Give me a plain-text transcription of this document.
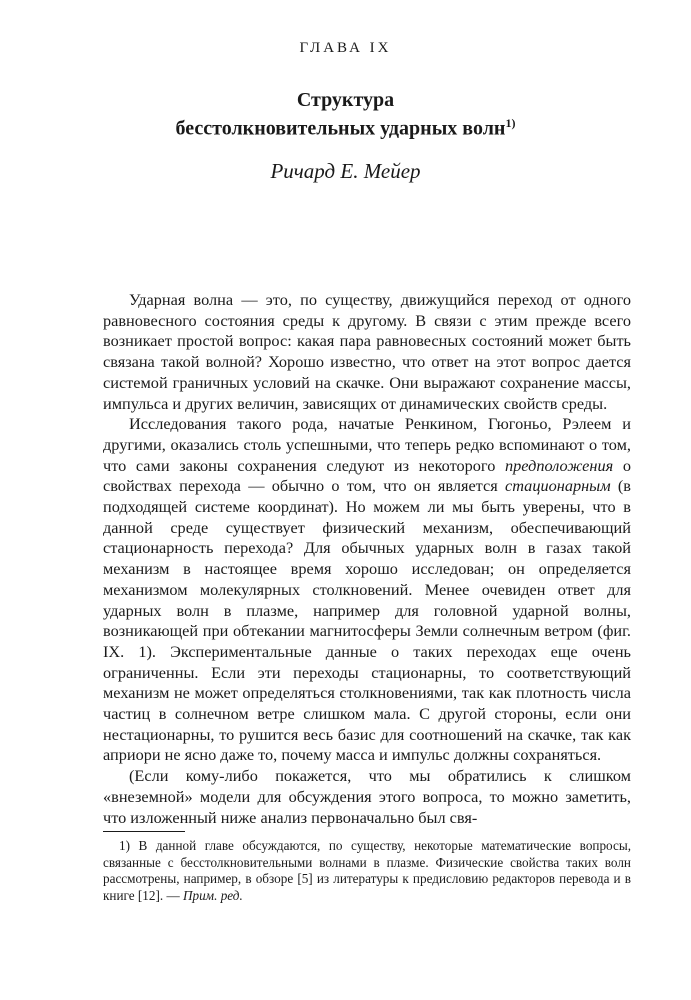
ГЛАВА IX
Структура
бесстолкновительных ударных волн$^{1)}$
Ричард Е. Мейер

Ударная волна — это, по существу, движущийся переход от одного равновесного состояния среды к другому. В связи с этим прежде всего возникает простой вопрос: какая пара равновесных состояний может быть связана такой волной? Хорошо известно, что ответ на этот вопрос дается системой граничных условий на скачке. Они выражают сохранение массы, импульса и других величин, зависящих от динамических свойств среды.

Исследования такого рода, начатые Ренкином, Гюгоньо, Рэлеем и другими, оказались столь успешными, что теперь редко вспоминают о том, что сами законы сохранения следуют из некоторого предположения о свойствах перехода — обычно о том, что он является стационарным (в подходящей системе координат). Но можем ли мы быть уверены, что в данной среде существует физический механизм, обеспечивающий стационарность перехода? Для обычных ударных волн в газах такой механизм в настоящее время хорошо исследован; он определяется механизмом молекулярных столкновений. Менее очевиден ответ для ударных волн в плазме, например для головной ударной волны, возникающей при обтекании магнитосферы Земли солнечным ветром (фиг. IX. 1). Экспериментальные данные о таких переходах еще очень ограниченны. Если эти переходы стационарны, то соответствующий механизм не может определяться столкновениями, так как плотность числа частиц в солнечном ветре слишком мала. С другой стороны, если они нестационарны, то рушится весь базис для соотношений на скачке, так как априори не ясно даже то, почему масса и импульс должны сохраняться.

(Если кому-либо покажется, что мы обратились к слишком «внеземной» модели для обсуждения этого вопроса, то можно заметить, что изложенный ниже анализ первоначально был свя-

1) В данной главе обсуждаются, по существу, некоторые математические вопросы, связанные с бесстолкновительными волнами в плазме. Физические свойства таких волн рассмотрены, например, в обзоре [5] из литературы к предисловию редакторов перевода и в книге [12]. — Прим. ред.
